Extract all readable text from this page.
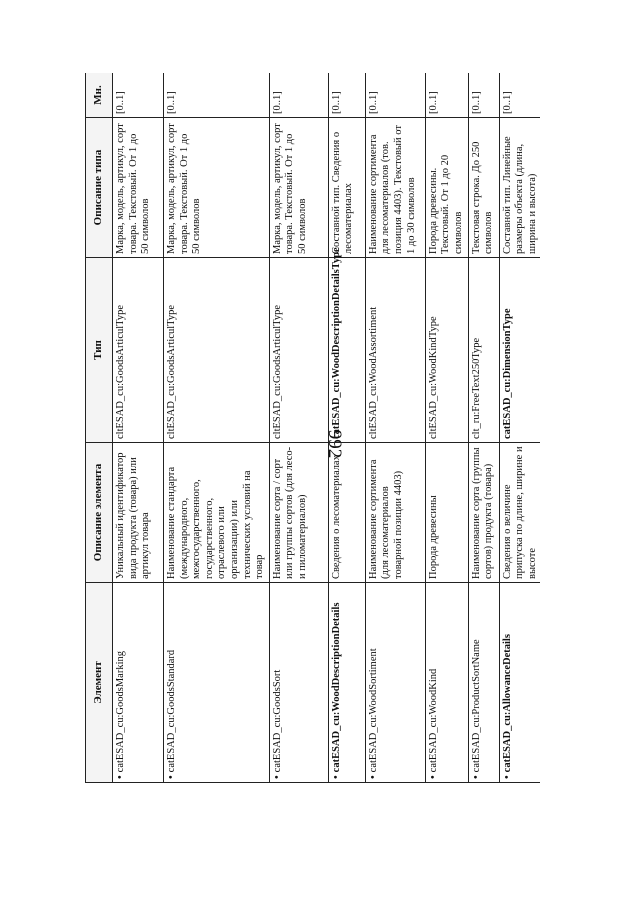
992
Элемент	Описание элемента	Тип	Описание типа	Мн.
•catESAD_cu:GoodsMarking	Уникальный идентификатор вида продукта (товара) или артикул товара	cltESAD_cu:GoodsArticulType	Марка, модель, артикул, сорт товара. Текстовый. От 1 до 50 символов	[0..1]
•catESAD_cu:GoodsStandard	Наименование стандарта (международного, межгосударственного, государственного, отраслевого или организации) или технических условий на товар	cltESAD_cu:GoodsArticulType	Марка, модель, артикул, сорт товара. Текстовый. От 1 до 50 символов	[0..1]
•catESAD_cu:GoodsSort	Наименование сорта / сорт или группы сортов (для лесо- и пиломатериалов)	cltESAD_cu:GoodsArticulType	Марка, модель, артикул, сорт товара. Текстовый. От 1 до 50 символов	[0..1]
•catESAD_cu:WoodDescriptionDetails	Сведения о лесоматериалах	catESAD_cu:WoodDescriptionDetailsType	Составной тип. Сведения о лесоматериалах	[0..1]
•catESAD_cu:WoodSortiment	Наименование сортимента (для лесоматериалов товарной позиции 4403)	cltESAD_cu:WoodAssortiment	Наименование сортимента для лесоматериалов (тов. позиция 4403). Текстовый от 1 до 30 символов	[0..1]
•catESAD_cu:WoodKind	Порода древесины	cltESAD_cu:WoodKindType	Порода древесины. Текстовый. От 1 до 20 символов	[0..1]
•catESAD_cu:ProductSortName	Наименование сорта (группы сортов) продукта (товара)	clt_ru:FreeText250Type	Текстовая строка. До 250 символов	[0..1]
•catESAD_cu:AllowanceDetails	Сведения о величине припуска по длине, ширине и высоте	catESAD_cu:DimensionType	Составной тип. Линейные размеры объекта (длина, ширина и высота)	[0..1]
